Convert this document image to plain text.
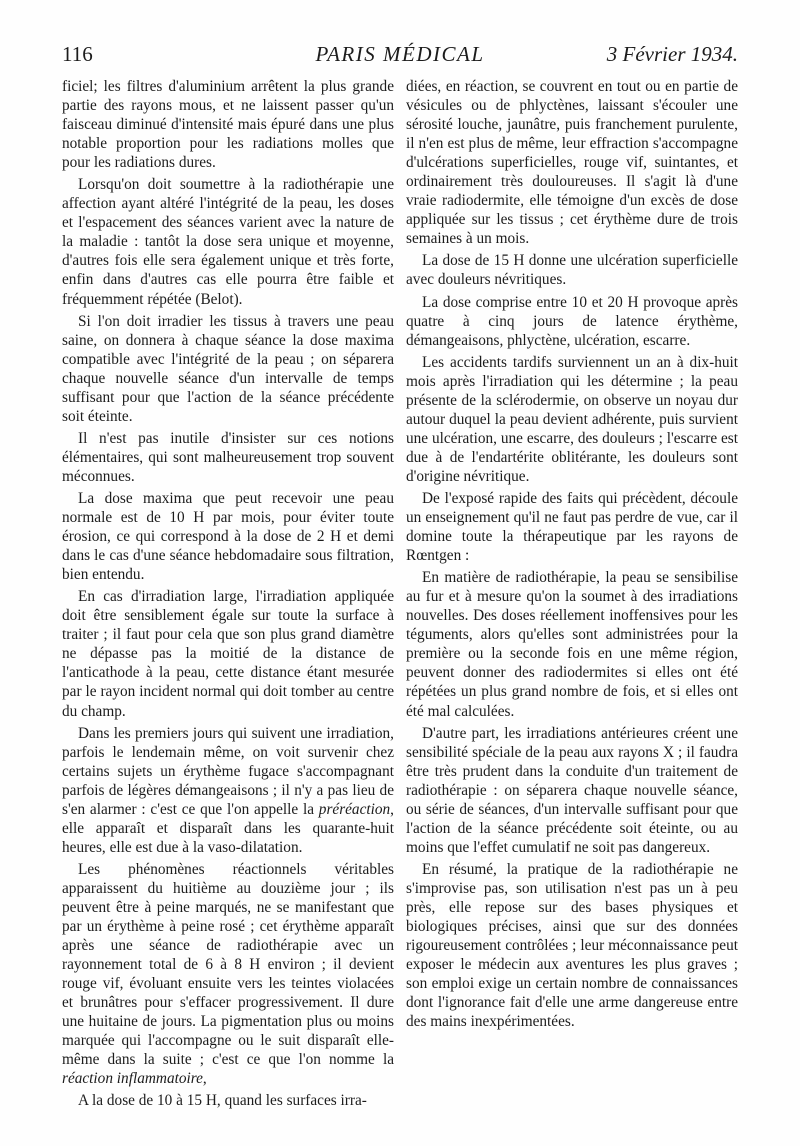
116	PARIS MÉDICAL	3 Février 1934.

ficiel; les filtres d'aluminium arrêtent la plus grande partie des rayons mous, et ne laissent passer qu'un faisceau diminué d'intensité mais épuré dans une plus notable proportion pour les radiations molles que pour les radiations dures.

Lorsqu'on doit soumettre à la radiothérapie une affection ayant altéré l'intégrité de la peau, les doses et l'espacement des séances varient avec la nature de la maladie : tantôt la dose sera unique et moyenne, d'autres fois elle sera également unique et très forte, enfin dans d'autres cas elle pourra être faible et fréquemment répétée (Belot).

Si l'on doit irradier les tissus à travers une peau saine, on donnera à chaque séance la dose maxima compatible avec l'intégrité de la peau ; on séparera chaque nouvelle séance d'un intervalle de temps suffisant pour que l'action de la séance précédente soit éteinte.

Il n'est pas inutile d'insister sur ces notions élémentaires, qui sont malheureusement trop souvent méconnues.

La dose maxima que peut recevoir une peau normale est de 10 H par mois, pour éviter toute érosion, ce qui correspond à la dose de 2 H et demi dans le cas d'une séance hebdomadaire sous filtration, bien entendu.

En cas d'irradiation large, l'irradiation appliquée doit être sensiblement égale sur toute la surface à traiter ; il faut pour cela que son plus grand diamètre ne dépasse pas la moitié de la distance de l'anticathode à la peau, cette distance étant mesurée par le rayon incident normal qui doit tomber au centre du champ.

Dans les premiers jours qui suivent une irradiation, parfois le lendemain même, on voit survenir chez certains sujets un érythème fugace s'accompagnant parfois de légères démangeaisons ; il n'y a pas lieu de s'en alarmer : c'est ce que l'on appelle la préréaction, elle apparaît et disparaît dans les quarante-huit heures, elle est due à la vaso-dilatation.

Les phénomènes réactionnels véritables apparaissent du huitième au douzième jour ; ils peuvent être à peine marqués, ne se manifestant que par un érythème à peine rosé ; cet érythème apparaît après une séance de radiothérapie avec un rayonnement total de 6 à 8 H environ ; il devient rouge vif, évoluant ensuite vers les teintes violacées et brunâtres pour s'effacer progressivement. Il dure une huitaine de jours. La pigmentation plus ou moins marquée qui l'accompagne ou le suit disparaît elle-même dans la suite ; c'est ce que l'on nomme la réaction inflammatoire,

A la dose de 10 à 15 H, quand les surfaces irra-

diées, en réaction, se couvrent en tout ou en partie de vésicules ou de phlyctènes, laissant s'écouler une sérosité louche, jaunâtre, puis franchement purulente, il n'en est plus de même, leur effraction s'accompagne d'ulcérations superficielles, rouge vif, suintantes, et ordinairement très douloureuses. Il s'agit là d'une vraie radiodermite, elle témoigne d'un excès de dose appliquée sur les tissus ; cet érythème dure de trois semaines à un mois.

La dose de 15 H donne une ulcération superficielle avec douleurs névritiques.

La dose comprise entre 10 et 20 H provoque après quatre à cinq jours de latence érythème, démangeaisons, phlyctène, ulcération, escarre.

Les accidents tardifs surviennent un an à dix-huit mois après l'irradiation qui les détermine ; la peau présente de la sclérodermie, on observe un noyau dur autour duquel la peau devient adhérente, puis survient une ulcération, une escarre, des douleurs ; l'escarre est due à de l'endartérite oblitérante, les douleurs sont d'origine névritique.

De l'exposé rapide des faits qui précèdent, découle un enseignement qu'il ne faut pas perdre de vue, car il domine toute la thérapeutique par les rayons de Rœntgen :

En matière de radiothérapie, la peau se sensibilise au fur et à mesure qu'on la soumet à des irradiations nouvelles. Des doses réellement inoffensives pour les téguments, alors qu'elles sont administrées pour la première ou la seconde fois en une même région, peuvent donner des radiodermites si elles ont été répétées un plus grand nombre de fois, et si elles ont été mal calculées.

D'autre part, les irradiations antérieures créent une sensibilité spéciale de la peau aux rayons X ; il faudra être très prudent dans la conduite d'un traitement de radiothérapie : on séparera chaque nouvelle séance, ou série de séances, d'un intervalle suffisant pour que l'action de la séance précédente soit éteinte, ou au moins que l'effet cumulatif ne soit pas dangereux.

En résumé, la pratique de la radiothérapie ne s'improvise pas, son utilisation n'est pas un à peu près, elle repose sur des bases physiques et biologiques précises, ainsi que sur des données rigoureusement contrôlées ; leur méconnaissance peut exposer le médecin aux aventures les plus graves ; son emploi exige un certain nombre de connaissances dont l'ignorance fait d'elle une arme dangereuse entre des mains inexpérimentées.
